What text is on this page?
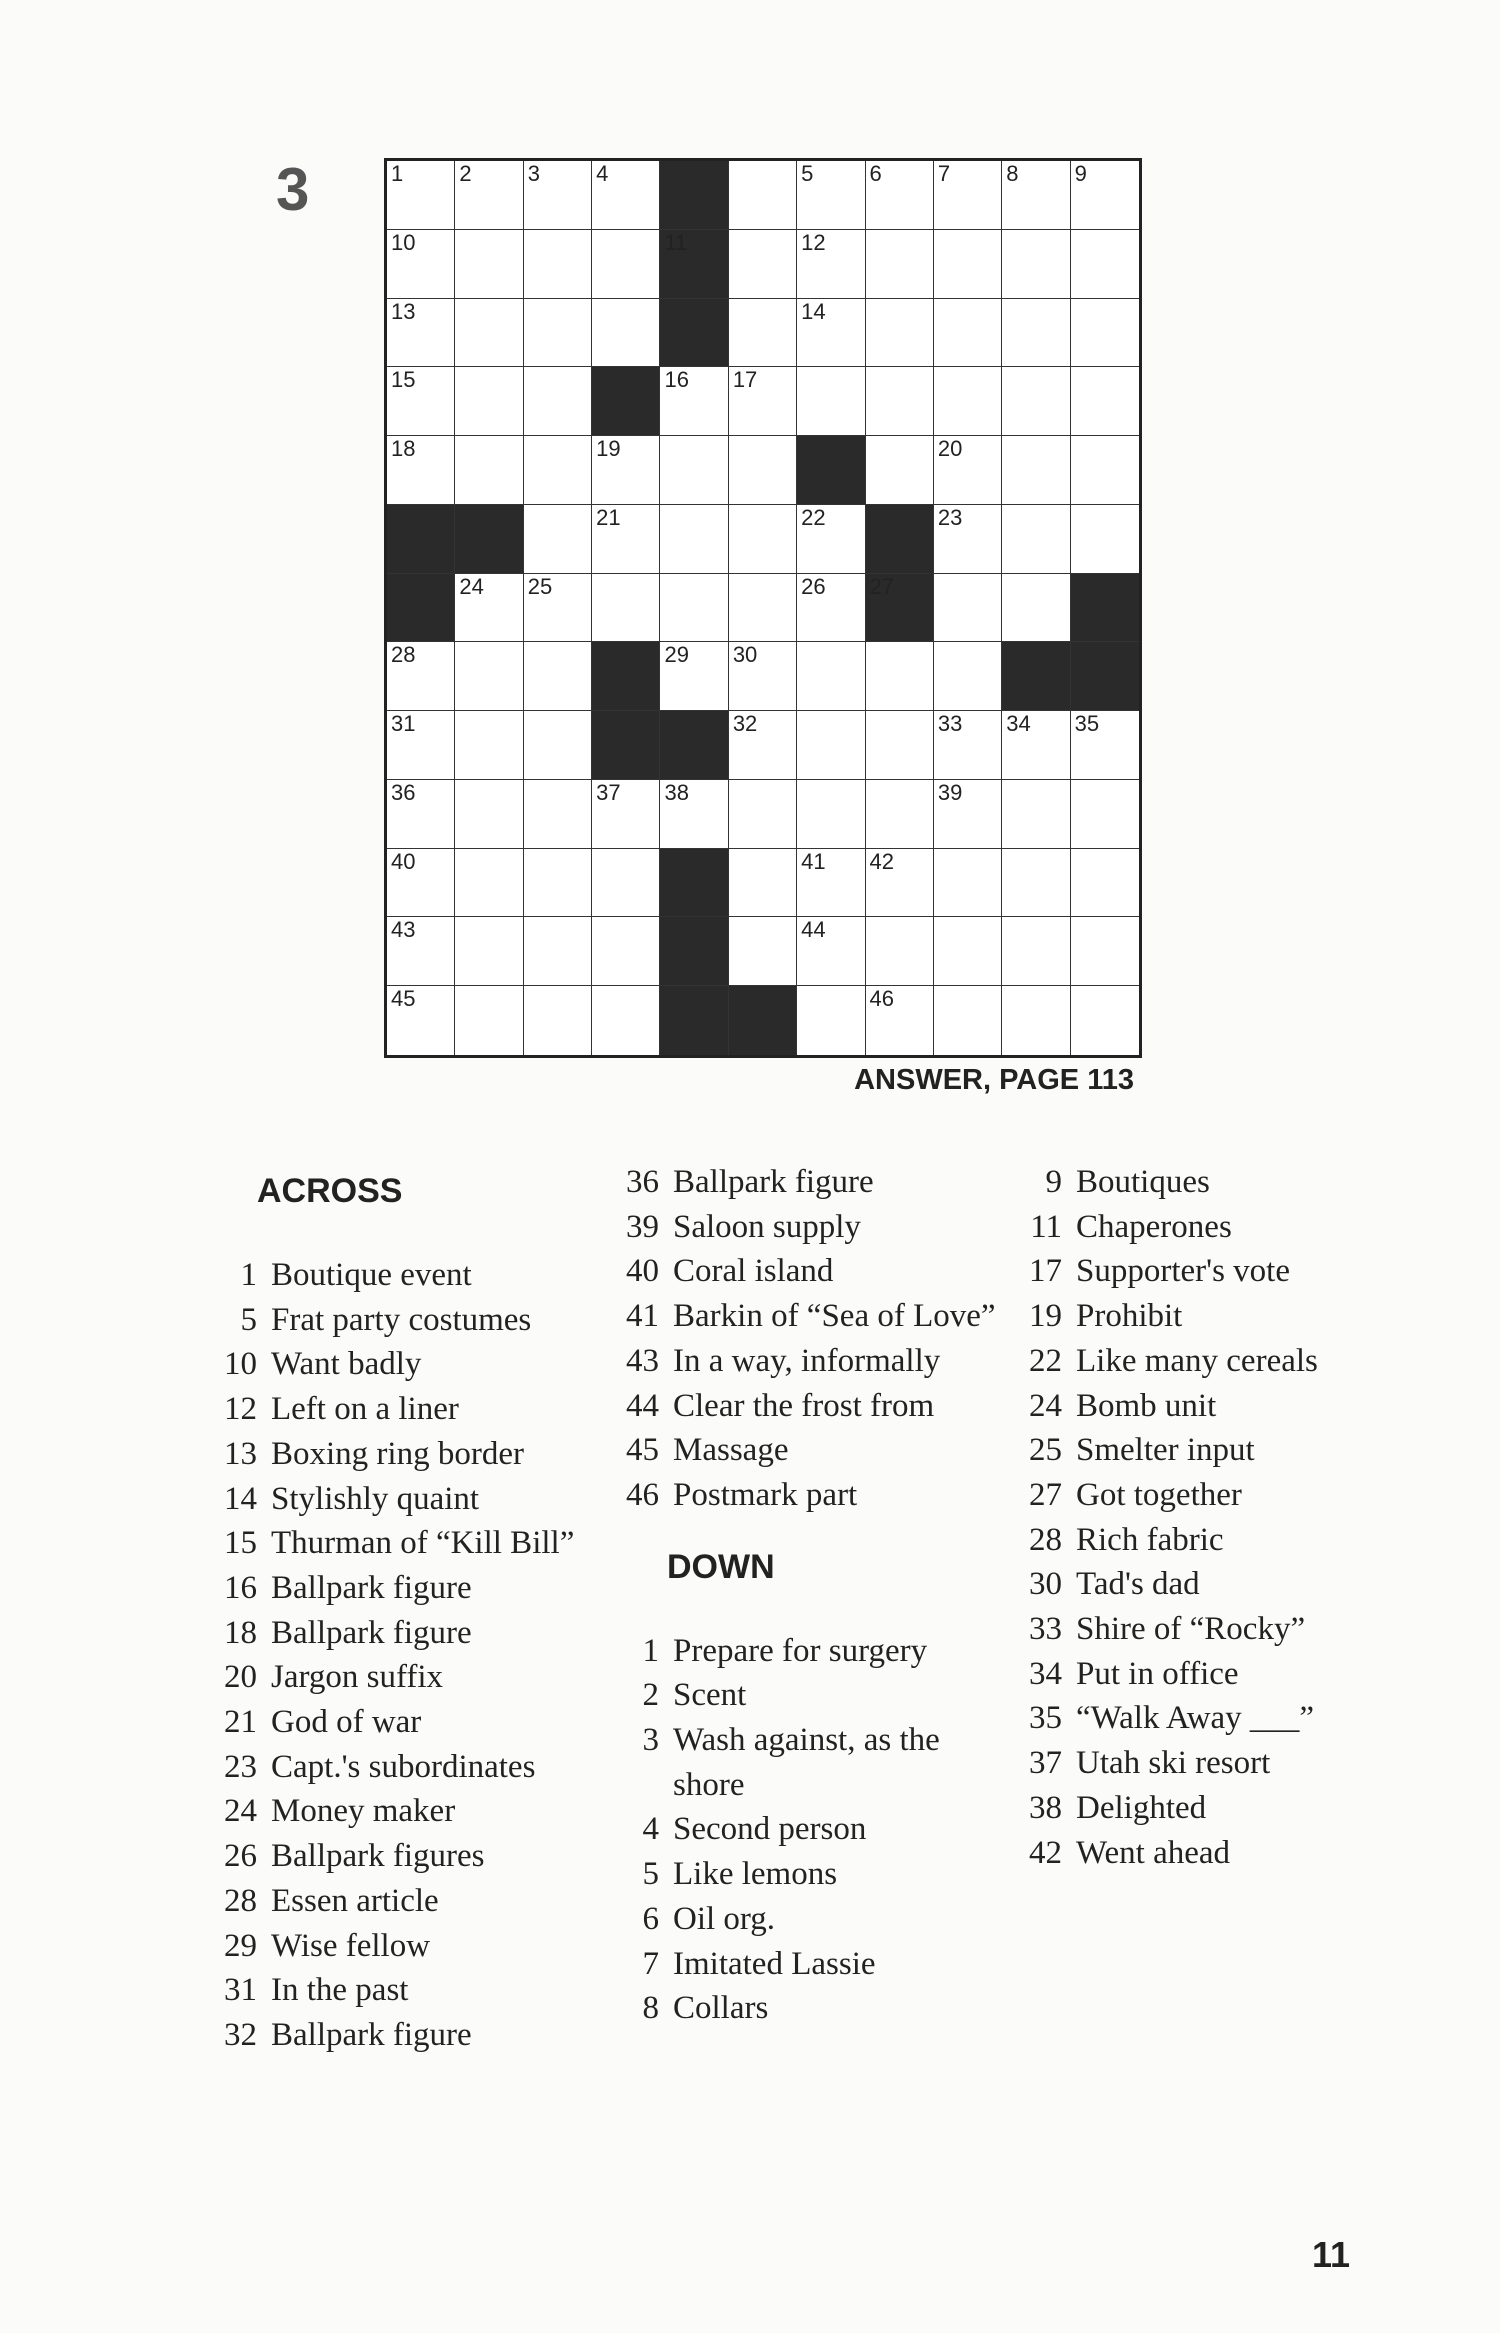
3	1	2	3	4	5	6	7	8	9
10	11	12
13	14
15	16 17
18	19	20
21	22	23
24 25	26 27
28	29 30
31	32	33 34 35
36	37 38	39
40	41 42
43	44
45	46
ANSWER, PAGE 113
ACROSS
1 Boutique event
5 Frat party costumes
10 Want badly
12 Left on a liner
13 Boxing ring border
14 Stylishly quaint
15 Thurman of “Kill Bill”
16 Ballpark figure
18 Ballpark figure
20 Jargon suffix
21 God of war
23 Capt.'s subordinates
24 Money maker
26 Ballpark figures
28 Essen article
29 Wise fellow
31 In the past
32 Ballpark figure
36 Ballpark figure
39 Saloon supply
40 Coral island
41 Barkin of “Sea of Love”
43 In a way, informally
44 Clear the frost from
45 Massage
46 Postmark part
DOWN
1 Prepare for surgery
2 Scent
3 Wash against, as the shore
4 Second person
5 Like lemons
6 Oil org.
7 Imitated Lassie
8 Collars
9 Boutiques
11 Chaperones
17 Supporter's vote
19 Prohibit
22 Like many cereals
24 Bomb unit
25 Smelter input
27 Got together
28 Rich fabric
30 Tad's dad
33 Shire of “Rocky”
34 Put in office
35 “Walk Away ___”
37 Utah ski resort
38 Delighted
42 Went ahead
11
